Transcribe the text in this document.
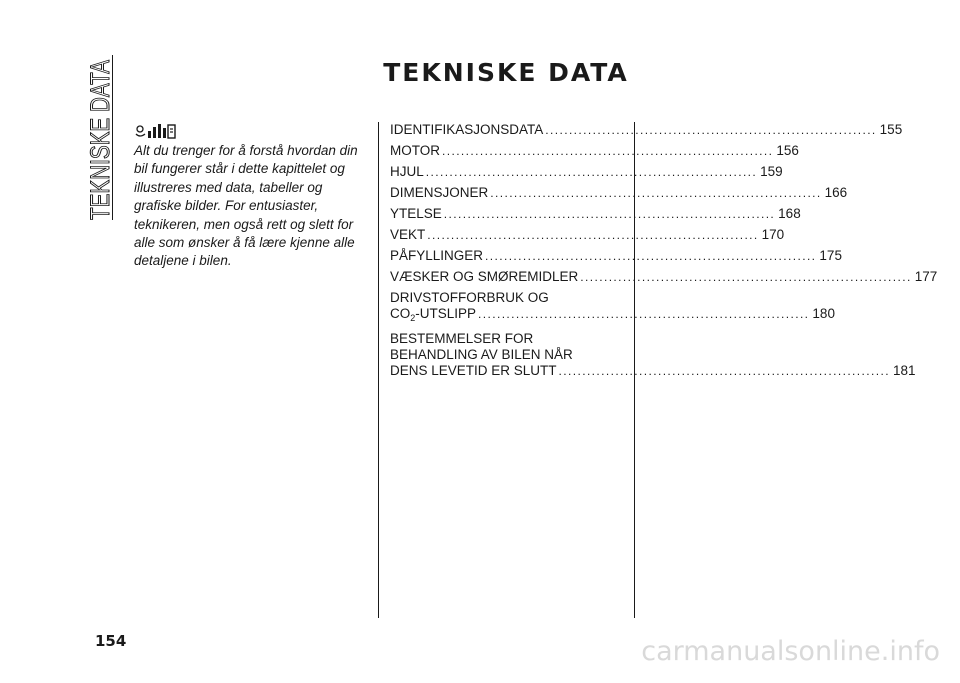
TEKNISKE DATA	TEKNISKE DATA

Alt du trenger for å forstå hvordan din bil fungerer står i dette kapittelet og illustreres med data, tabeller og grafiske bilder. For entusiaster, teknikeren, men også rett og slett for alle som ønsker å få lære kjenne alle detaljene i bilen.

IDENTIFIKASJONSDATA ...................................................................... 155
MOTOR ...................................................................... 156
HJUL ...................................................................... 159
DIMENSJONER ...................................................................... 166
YTELSE ...................................................................... 168
VEKT ...................................................................... 170
PÅFYLLINGER ...................................................................... 175
VÆSKER OG SMØREMIDLER ...................................................................... 177
DRIVSTOFFORBRUK OG
$CO_2$-UTSLIPP ...................................................................... 180
BESTEMMELSER FOR
BEHANDLING AV BILEN NÅR
DENS LEVETID ER SLUTT ...................................................................... 181
154	carmanualsonline.info
